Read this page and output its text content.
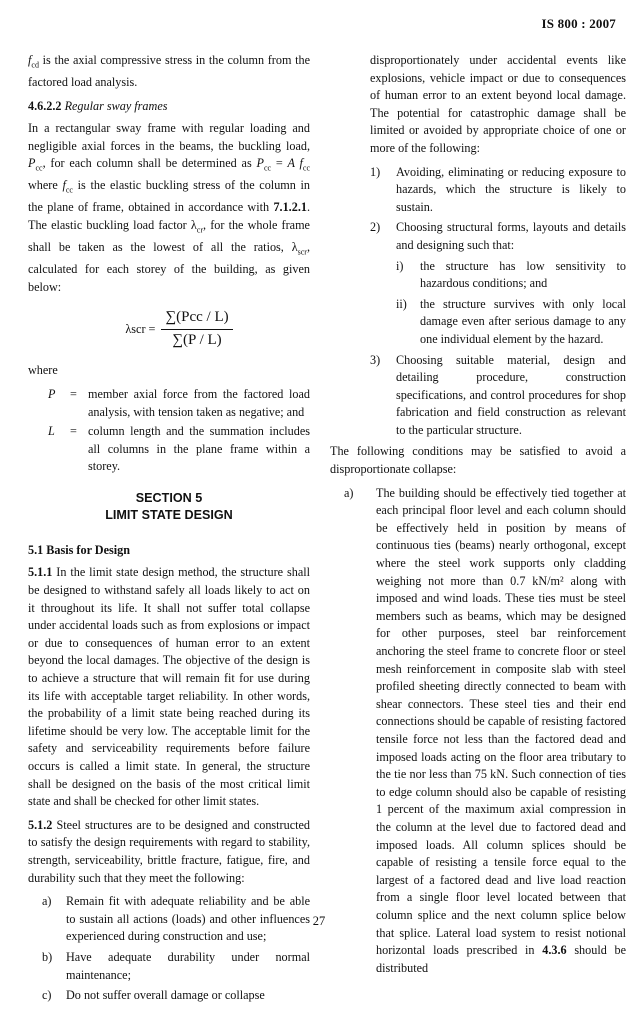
IS 800 : 2007

$f_{cd}$ is the axial compressive stress in the column from the factored load analysis.

4.6.2.2 Regular sway frames

In a rectangular sway frame with regular loading and negligible axial forces in the beams, the buckling load, $P_{cc}$, for each column shall be determined as $P_{cc} = A$ $f_{cc}$ where $f_{cc}$ is the elastic buckling stress of the column in the plane of frame, obtained in accordance with 7.1.2.1. The elastic buckling load factor $\lambda_{cr}$, for the whole frame shall be taken as the lowest of all the ratios, $\lambda_{scr}$, calculated for each storey of the building, as given below:

$\lambda scr = \frac{\text{∑(Pcc / L)}}{\sum(P / L)}$

where

P	= member axial force from the factored load analysis, with tension taken as negative; and
L	= column length and the summation includes all columns in the plane frame within a storey.
SECTION 5
LIMIT STATE DESIGN
5.1 Basis for Design

5.1.1 In the limit state design method, the structure shall be designed to withstand safely all loads likely to act on it throughout its life. It shall not suffer total collapse under accidental loads such as from explosions or impact or due to consequences of human error to an extent beyond the local damages. The objective of the design is to achieve a structure that will remain fit for use during its life with acceptable target reliability. In other words, the probability of a limit state being reached during its lifetime should be very low. The acceptable limit for the safety and serviceability requirements before failure occurs is called a limit state. In general, the structure shall be designed on the basis of the most critical limit state and shall be checked for other limit states.

5.1.2 Steel structures are to be designed and constructed to satisfy the design requirements with regard to stability, strength, serviceability, brittle fracture, fatigue, fire, and durability such that they meet the following:

a)	Remain fit with adequate reliability and be able to sustain all actions (loads) and other influences experienced during construction and use;
b)	Have adequate durability under normal maintenance;
c)	Do not suffer overall damage or collapse

disproportionately under accidental events like explosions, vehicle impact or due to consequences of human error to an extent beyond local damage. The potential for catastrophic damage shall be limited or avoided by appropriate choice of one or more of the following:

1)	Avoiding, eliminating or reducing exposure to hazards, which the structure is likely to sustain.
2)	Choosing structural forms, layouts and details and designing such that:
i)	the structure has low sensitivity to hazardous conditions; and
ii)	the structure survives with only local damage even after serious damage to any one individual element by the hazard.
3)	Choosing suitable material, design and detailing procedure, construction specifications, and control procedures for shop fabrication and field construction as relevant to the particular structure.

The following conditions may be satisfied to avoid a disproportionate collapse:

a)	The building should be effectively tied together at each principal floor level and each column should be effectively held in position by means of continuous ties (beams) nearly orthogonal, except where the steel work supports only cladding weighing not more than 0.7 kN/m² along with imposed and wind loads. These ties must be steel members such as beams, which may be designed for other purposes, steel bar reinforcement anchoring the steel frame to concrete floor or steel mesh reinforcement in composite slab with steel profiled sheeting directly connected to beam with shear connectors. These steel ties and their end connections should be capable of resisting factored tensile force not less than the factored dead and imposed loads acting on the floor area tributary to the tie nor less than 75 kN. Such connection of ties to edge column should also be capable of resisting 1 percent of the maximum axial compression in the column at the level due to factored dead and imposed loads. All column splices should be capable of resisting a tensile force equal to the largest of a factored dead and live load reaction from a single floor level located between that column splice and the next column splice below that splice. Lateral load system to resist notional horizontal loads prescribed in 4.3.6 should be distributed
27
